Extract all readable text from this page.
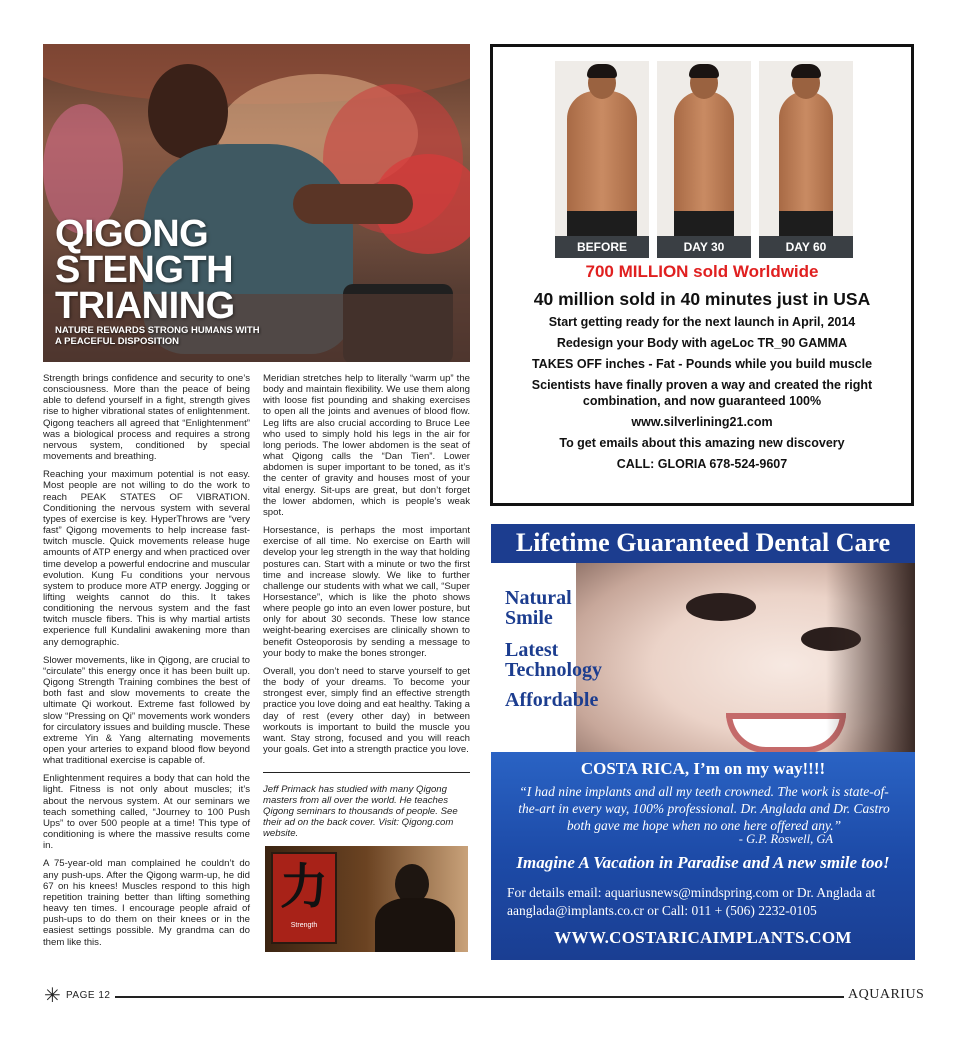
QIGONG
STENGTH
TRIANING
NATURE REWARDS STRONG HUMANS WITH
A PEACEFUL DISPOSITION

Strength brings confidence and security to one’s consciousness. More than the peace of being able to defend yourself in a fight, strength gives rise to higher vibrational states of enlightenment. Qigong teachers all agreed that “Enlightenment” was a biological process and requires a strong nervous system, conditioned by special movements and breathing.

Reaching your maximum potential is not easy. Most people are not willing to do the work to reach PEAK STATES OF VIBRATION. Conditioning the nervous system with several types of exercise is key. HyperThrows are “very fast” Qigong movements to help increase fast-twitch muscle. Quick movements release huge amounts of ATP energy and when practiced over time develop a powerful endocrine and muscular evolution. Kung Fu conditions your nervous system to produce more ATP energy. Jogging or lifting weights cannot do this. It takes conditioning the nervous system and the fast twitch muscle fibers. This is why martial artists experience full Kundalini awakening more than any demographic.

Slower movements, like in Qigong, are crucial to “circulate” this energy once it has been built up. Qigong Strength Training combines the best of both fast and slow movements to create the ultimate Qi workout. Extreme fast followed by slow “Pressing on Qi” movements work wonders for circulatory issues and building muscle. These extreme Yin & Yang alternating movements open your arteries to expand blood flow beyond what traditional exercise is capable of.

Enlightenment requires a body that can hold the light. Fitness is not only about muscles; it’s about the nervous system. At our seminars we teach something called, “Journey to 100 Push Ups” to over 500 people at a time! This type of conditioning is where the massive results come in.

A 75-year-old man complained he couldn’t do any push-ups. After the Qigong warm-up, he did 67 on his knees! Muscles respond to this high repetition training better than lifting something heavy ten times. I encourage people afraid of push-ups to do them on their knees or in the easiest settings possible. My grandma can do them like this.

Meridian stretches help to literally “warm up” the body and maintain flexibility. We use them along with loose fist pounding and shaking exercises to open all the joints and avenues of blood flow. Leg lifts are also crucial according to Bruce Lee who used to simply hold his legs in the air for long periods. The lower abdomen is the seat of what Qigong calls the “Dan Tien”. Lower abdomen is super important to be toned, as it’s the center of gravity and houses most of your vital energy. Sit-ups are great, but don’t forget the lower abdomen, which is people’s weak spot.

Horsestance, is perhaps the most important exercise of all time. No exercise on Earth will develop your leg strength in the way that holding postures can. Start with a minute or two the first time and increase slowly. We like to further challenge our students with what we call, “Super Horsestance”, which is like the photo shows where people go into an even lower posture, but only for about 30 seconds. These low stance weight-bearing exercises are clinically shown to benefit Osteoporosis by sending a message to your body to make the bones stronger.

Overall, you don’t need to starve yourself to get the body of your dreams. To become your strongest ever, simply find an effective strength practice you love doing and eat healthy. Taking a day of rest (every other day) in between workouts is important to build the muscle you want. Stay strong, focused and you will reach your goals. Get into a strength practice you love.

Jeff Primack has studied with many Qigong masters from all over the world. He teaches Qigong seminars to thousands of people. See their ad on the back cover. Visit: Qigong.com website.
力
Strength
BEFORE	DAY 30	DAY 60
700 MILLION sold Worldwide
40 million sold in 40 minutes just in USA
Start getting ready for the next launch in April, 2014
Redesign your Body with ageLoc TR_90 GAMMA
TAKES OFF inches - Fat - Pounds while you build muscle
Scientists have finally proven a way and created the right
combination, and now guaranteed 100%
www.silverlining21.com
To get emails about this amazing new discovery
CALL: GLORIA 678-524-9607
Lifetime Guaranteed Dental Care
Natural
Smile
Latest
Technology
Affordable
COSTA RICA, I’m on my way!!!!
“I had nine implants and all my teeth crowned. The work is state-of-the-art in every way, 100% professional. Dr. Anglada and Dr. Castro both gave me hope when no one here offered any.”
- G.P. Roswell, GA
Imagine A Vacation in Paradise and A new smile too!
For details email: aquariusnews@mindspring.com or Dr. Anglada at aanglada@implants.co.cr or Call: 011 + (506) 2232-0105
WWW.COSTARICAIMPLANTS.COM
✳ PAGE 12	AQUARIUS
